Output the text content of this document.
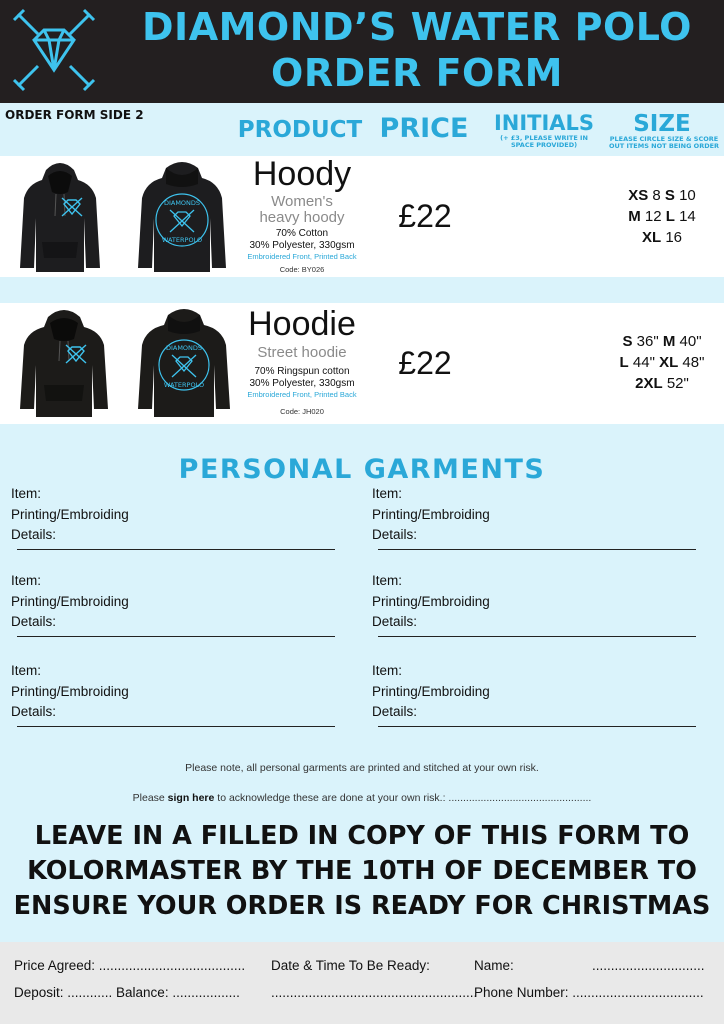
DIAMOND’S WATER POLO
ORDER FORM
ORDER FORM SIDE 2
PRODUCT PRICE INITIALS
(+ £3, PLEASE WRITE IN
SPACE PROVIDED)
SIZE
PLEASE CIRCLE SIZE & SCORE
OUT ITEMS NOT BEING ORDER
DIAMONDS
WATERPOLO
Hoody
Women's
heavy hoody
70% Cotton
30% Polyester, 330gsm
Embroidered Front, Printed Back
Code: BY026
£22
XS 8 S 10
M 12 L 14
XL 16
DIAMONDS
WATERPOLO
Hoodie
Street hoodie
70% Ringspun cotton
30% Polyester, 330gsm
Embroidered Front, Printed Back
Code: JH020
£22
S 36" M 40"
L 44" XL 48"
2XL 52"
PERSONAL GARMENTS
Item:
Printing/Embroiding
Details:
Item:
Printing/Embroiding
Details:
Item:
Printing/Embroiding
Details:
Item:
Printing/Embroiding
Details:
Item:
Printing/Embroiding
Details:
Item:
Printing/Embroiding
Details:
Please note, all personal garments are printed and stitched at your own risk.
Please sign here to acknowledge these are done at your own risk.: .................................................
LEAVE IN A FILLED IN COPY OF THIS FORM TO
KOLORMASTER BY THE 10TH OF DECEMBER TO
ENSURE YOUR ORDER IS READY FOR CHRISTMAS
Price Agreed: ....................................... Date & Time To Be Ready:	Name:	..............................
Deposit: ............ Balance: .................. .......................................................
Phone Number: ...................................
